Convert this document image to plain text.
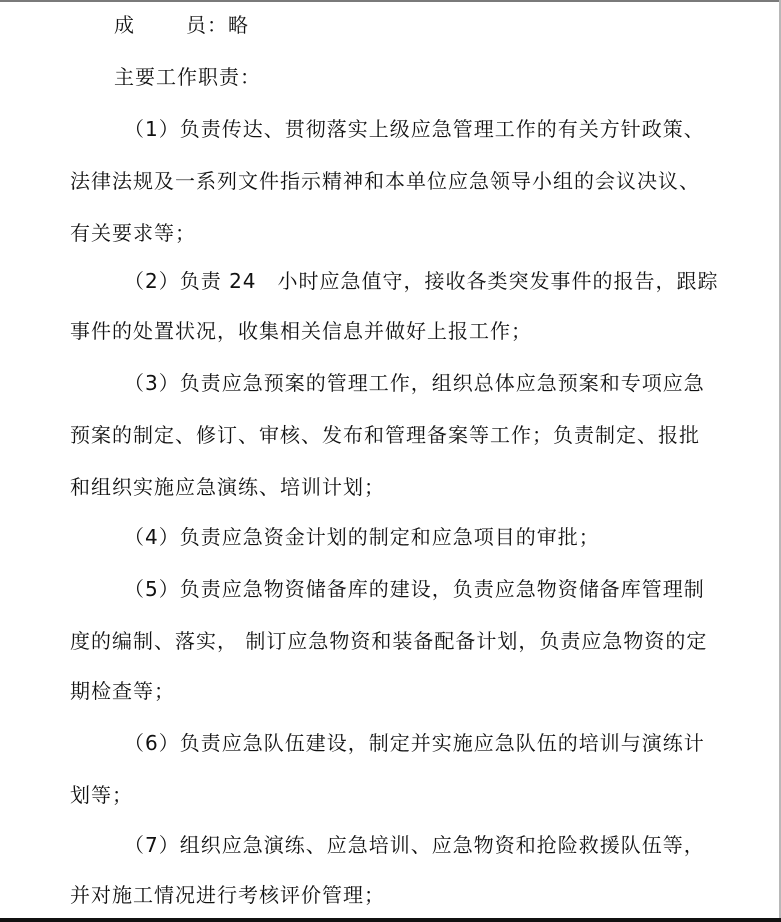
成 员：略
主要工作职责：
（1）负责传达、贯彻落实上级应急管理工作的有关方针政策、
法律法规及一系列文件指示精神和本单位应急领导小组的会议决议、
有关要求等；
（2）负责 24　小时应急值守，接收各类突发事件的报告，跟踪
事件的处置状况，收集相关信息并做好上报工作；
（3）负责应急预案的管理工作，组织总体应急预案和专项应急
预案的制定、修订、审核、发布和管理备案等工作；负责制定、报批
和组织实施应急演练、培训计划；
（4）负责应急资金计划的制定和应急项目的审批；
（5）负责应急物资储备库的建设，负责应急物资储备库管理制
度的编制、落实， 制订应急物资和装备配备计划，负责应急物资的定
期检查等；
（6）负责应急队伍建设，制定并实施应急队伍的培训与演练计
划等；
（7）组织应急演练、应急培训、应急物资和抢险救援队伍等，
并对施工情况进行考核评价管理；
